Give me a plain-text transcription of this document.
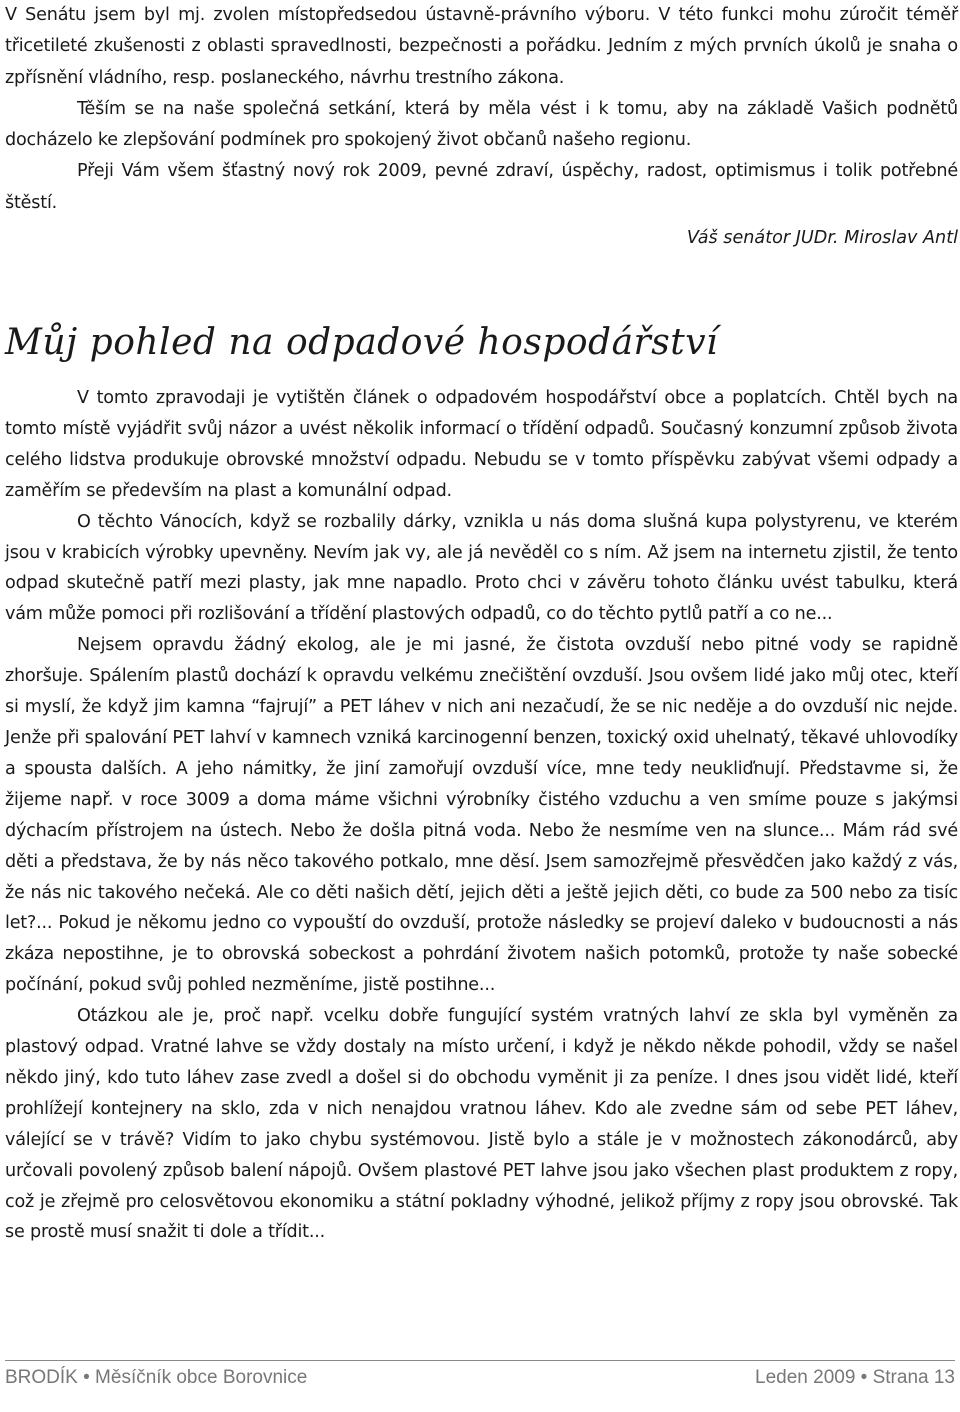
V Senátu jsem byl mj. zvolen místopředsedou ústavně-právního výboru. V této funkci mohu zúročit téměř třicetileté zkušenosti z oblasti spravedlnosti, bezpečnosti a pořádku. Jedním z mých prvních úkolů je snaha o zpřísnění vládního, resp. poslaneckého, návrhu trestního zákona.

Těším se na naše společná setkání, která by měla vést i k tomu, aby na základě Vašich podnětů docházelo ke zlepšování podmínek pro spokojený život občanů našeho regionu.

Přeji Vám všem šťastný nový rok 2009, pevné zdraví, úspěchy, radost, optimismus i tolik potřebné štěstí.

Váš senátor JUDr. Miroslav Antl

Můj pohled na odpadové hospodářství

V tomto zpravodaji je vytištěn článek o odpadovém hospodářství obce a poplatcích. Chtěl bych na tomto místě vyjádřit svůj názor a uvést několik informací o třídění odpadů. Současný konzumní způsob života celého lidstva produkuje obrovské množství odpadu. Nebudu se v tomto příspěvku zabývat všemi odpady a zaměřím se především na plast a komunální odpad.

O těchto Vánocích, když se rozbalily dárky, vznikla u nás doma slušná kupa polystyrenu, ve kterém jsou v krabicích výrobky upevněny. Nevím jak vy, ale já nevěděl co s ním. Až jsem na internetu zjistil, že tento odpad skutečně patří mezi plasty, jak mne napadlo. Proto chci v závěru tohoto článku uvést tabulku, která vám může pomoci při rozlišování a třídění plastových odpadů, co do těchto pytlů patří a co ne...

Nejsem opravdu žádný ekolog, ale je mi jasné, že čistota ovzduší nebo pitné vody se rapidně zhoršuje. Spálením plastů dochází k opravdu velkému znečištění ovzduší. Jsou ovšem lidé jako můj otec, kteří si myslí, že když jim kamna “fajrují” a PET láhev v nich ani nezačudí, že se nic neděje a do ovzduší nic nejde. Jenže při spalování PET lahví v kamnech vzniká karcinogenní benzen, toxický oxid uhelnatý, těkavé uhlovodíky a spousta dalších. A jeho námitky, že jiní zamořují ovzduší více, mne tedy neukliďnují. Představme si, že žijeme např. v roce 3009 a doma máme všichni výrobníky čistého vzduchu a ven smíme pouze s jakýmsi dýchacím přístrojem na ústech. Nebo že došla pitná voda. Nebo že nesmíme ven na slunce... Mám rád své děti a představa, že by nás něco takového potkalo, mne děsí. Jsem samozřejmě přesvědčen jako každý z vás, že nás nic takového nečeká. Ale co děti našich dětí, jejich děti a ještě jejich děti, co bude za 500 nebo za tisíc let?... Pokud je někomu jedno co vypouští do ovzduší, protože následky se projeví daleko v budoucnosti a nás zkáza nepostihne, je to obrovská sobeckost a pohrdání životem našich potomků, protože ty naše sobecké počínání, pokud svůj pohled nezměníme, jistě postihne...

Otázkou ale je, proč např. vcelku dobře fungující systém vratných lahví ze skla byl vyměněn za plastový odpad. Vratné lahve se vždy dostaly na místo určení, i když je někdo někde pohodil, vždy se našel někdo jiný, kdo tuto láhev zase zvedl a došel si do obchodu vyměnit ji za peníze. I dnes jsou vidět lidé, kteří prohlížejí kontejnery na sklo, zda v nich nenajdou vratnou láhev. Kdo ale zvedne sám od sebe PET láhev, válející se v trávě? Vidím to jako chybu systémovou. Jistě bylo a stále je v možnostech zákonodárců, aby určovali povolený způsob balení nápojů. Ovšem plastové PET lahve jsou jako všechen plast produktem z ropy, což je zřejmě pro celosvětovou ekonomiku a státní pokladny výhodné, jelikož příjmy z ropy jsou obrovské. Tak se prostě musí snažit ti dole a třídit...

BRODÍK • Měsíčník obce Borovnice	Leden 2009 • Strana 13
